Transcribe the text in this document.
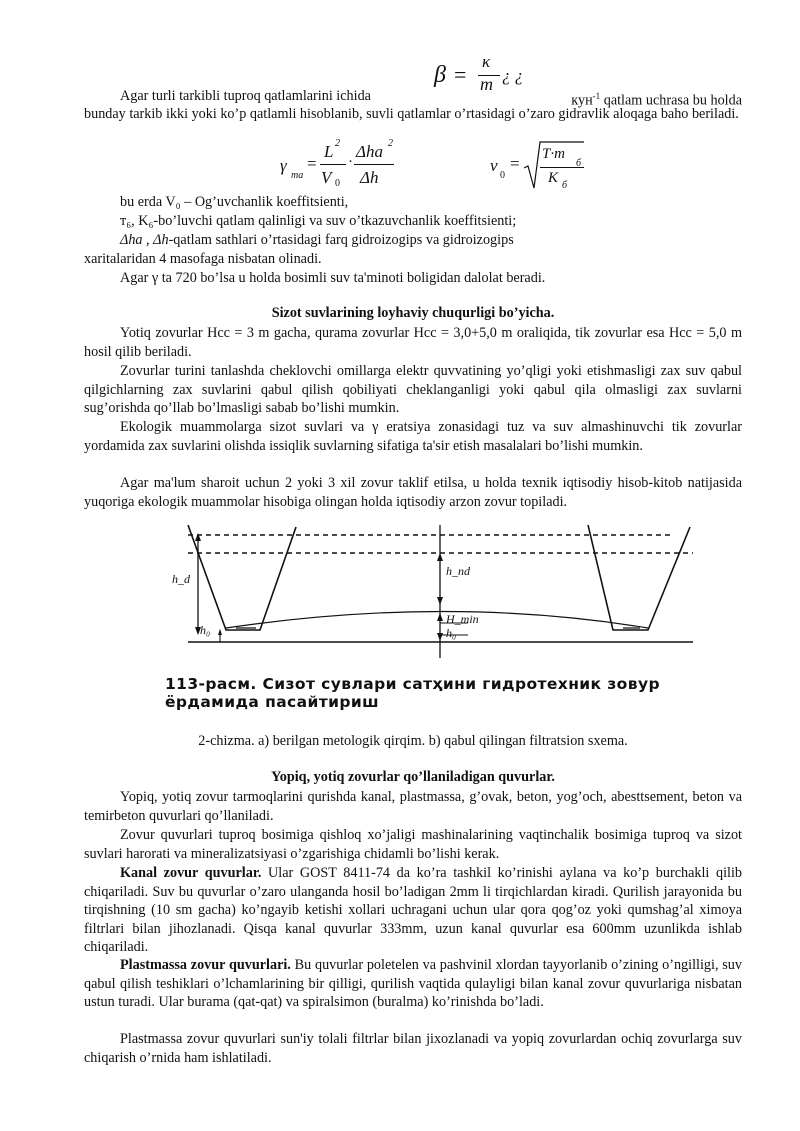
β =
κ
m ¿ ¿

Agar turli tarkibli tuproq qatlamlarini ichida	кун$^{-1}$ qatlam uchrasa bu holda

bunday tarkib ikki yoki ko’p qatlamli hisoblanib, suvli qatlamlar o’rtasidagi o’zaro gidravlik aloqaga baho beriladi.

γ
ma
=
L 2
V 0
·
Δha 2
Δh
ν
0
= T·m
б
K б

bu erda V₀ – Og’uvchanlik koeffitsienti,

т₆, K₆-bo’luvchi qatlam qalinligi va suv o’tkazuvchanlik koeffitsienti;

Δha , Δh-qatlam sathlari o’rtasidagi farq gidroizogips va gidroizogips

xaritalaridan 4 masofaga nisbatan olinadi.

Agar γ ta 720 bo’lsa u holda bosimli suv ta'minoti boligidan dalolat beradi.

Sizot suvlarining loyhaviy chuqurligi bo’yicha.

Yotiq zovurlar Hcc = 3 m gacha, qurama zovurlar Hcc = 3,0+5,0 m oraliqida, tik zovurlar esa Hcc = 5,0 m hosil qilib beriladi.

Zovurlar turini tanlashda cheklovchi omillarga elektr quvvatining yo’qligi yoki etishmasligi zax suv qabul qilgichlarning zax suvlarini qabul qilish qobiliyati cheklanganligi yoki qabul qila olmasligi zax suvlarni sug’orishda qo’llab bo’lmasligi sabab bo’lishi mumkin.

Ekologik muammolarga sizot suvlari va γ eratsiya zonasidagi tuz va suv almashinuvchi tik zovurlar yordamida zax suvlarini olishda issiqlik suvlarning sifatiga ta'sir etish masalalari bo’lishi mumkin.

Agar ma'lum sharoit uchun 2 yoki 3 xil zovur taklif etilsa, u holda texnik iqtisodiy hisob-kitob natijasida yuqoriga ekologik muammolar hisobiga olingan holda iqtisodiy arzon zovur topiladi.

h_d
h₀
h_nd
H_min
h₀
113-расм. Сизот сувлари сатҳини гидротехник зовур
ёрдамида пасайтириш
2-chizma. a) berilgan metologik qirqim. b) qabul qilingan filtratsion sxema.
Yopiq, yotiq zovurlar qo’llaniladigan quvurlar.

Yopiq, yotiq zovur tarmoqlarini qurishda kanal, plastmassa, g’ovak, beton, yog’och, abesttsement, beton va temirbeton quvurlari qo’llaniladi.

Zovur quvurlari tuproq bosimiga qishloq xo’jaligi mashinalarining vaqtinchalik bosimiga tuproq va sizot suvlari harorati va mineralizatsiyasi o’zgarishiga chidamli bo’lishi kerak.

Kanal zovur quvurlar. Ular GOST 8411-74 da ko’ra tashkil ko’rinishi aylana va ko’p burchakli qilib chiqariladi. Suv bu quvurlar o’zaro ulanganda hosil bo’ladigan 2mm li tirqichlardan kiradi. Qurilish jarayonida bu tirqishning (10 sm gacha) ko’ngayib ketishi xollari uchragani uchun ular qora qog’oz yoki qumshag’al ximoya filtrlari bilan jihozlanadi. Qisqa kanal quvurlar 333mm, uzun kanal quvurlar esa 600mm uzunlikda ishlab chiqariladi.

Plastmassa zovur quvurlari. Bu quvurlar poletelen va pashvinil xlordan tayyorlanib o’zining o’ngilligi, suv qabul qilish teshiklari o’lchamlarining bir qilligi, qurilish vaqtida qulayligi bilan kanal zovur quvurlariga nisbatan ustun turadi. Ular burama (qat-qat) va spiralsimon (buralma) ko’rinishda bo’ladi.

Plastmassa zovur quvurlari sun'iy tolali filtrlar bilan jixozlanadi va yopiq zovurlardan ochiq zovurlarga suv chiqarish o’rnida ham ishlatiladi.
